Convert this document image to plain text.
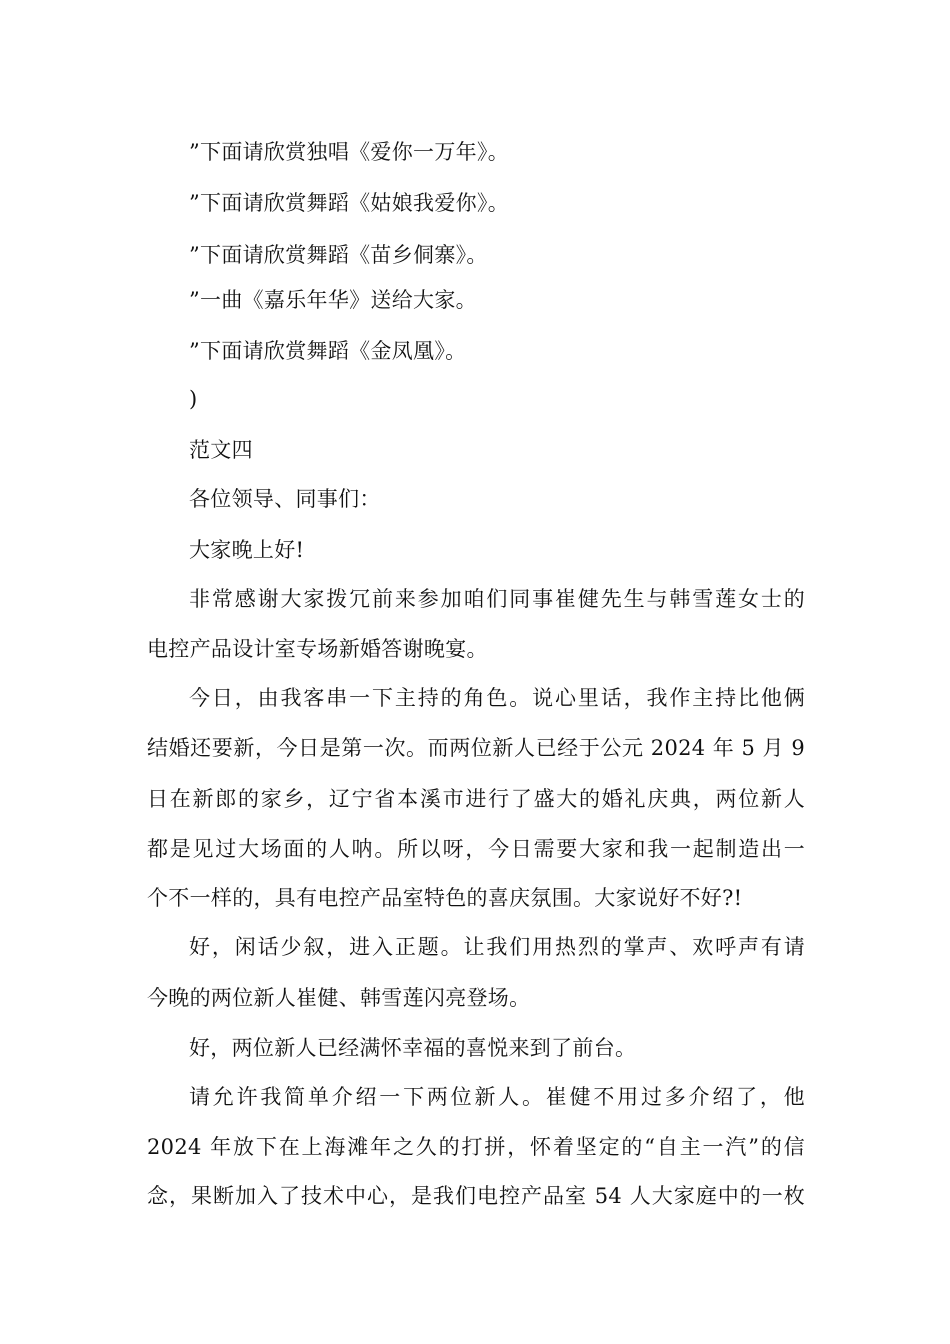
”下面请欣赏独唱《爱你一万年》。
”下面请欣赏舞蹈《姑娘我爱你》。
”下面请欣赏舞蹈《苗乡侗寨》。
”一曲《嘉乐年华》送给大家。
”下面请欣赏舞蹈《金凤凰》。
)
范文四
各位领导、同事们：
大家晚上好!
非常感谢大家拨冗前来参加咱们同事崔健先生与韩雪莲女士的
电控产品设计室专场新婚答谢晚宴。
今日，由我客串一下主持的角色。说心里话，我作主持比他俩
结婚还要新，今日是第一次。而两位新人已经于公元 2024 年 5 月 9
日在新郎的家乡，辽宁省本溪市进行了盛大的婚礼庆典，两位新人
都是见过大场面的人呐。所以呀，今日需要大家和我一起制造出一
个不一样的，具有电控产品室特色的喜庆氛围。大家说好不好?!
好，闲话少叙，进入正题。让我们用热烈的掌声、欢呼声有请
今晚的两位新人崔健、韩雪莲闪亮登场。
好，两位新人已经满怀幸福的喜悦来到了前台。
请允许我简单介绍一下两位新人。崔健不用过多介绍了，他
2024 年放下在上海滩年之久的打拼，怀着坚定的“自主一汽”的信
念，果断加入了技术中心，是我们电控产品室 54 人大家庭中的一枚
